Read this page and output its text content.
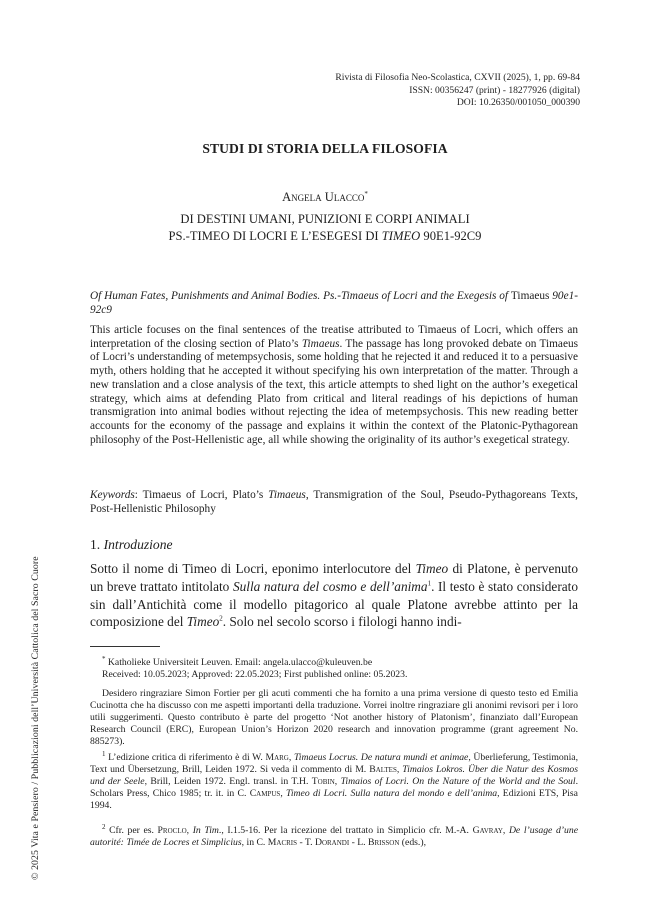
Rivista di Filosofia Neo-Scolastica, CXVII (2025), 1, pp. 69-84
ISSN: 00356247 (print) - 18277926 (digital)
DOI: 10.26350/001050_000390
STUDI DI STORIA DELLA FILOSOFIA
Angela Ulacco*
DI DESTINI UMANI, PUNIZIONI E CORPI ANIMALI
PS.-TIMEO DI LOCRI E L’ESEGESI DI TIMEO 90E1-92C9
Of Human Fates, Punishments and Animal Bodies. Ps.-Timaeus of Locri and the Exegesis of Timaeus 90e1-92c9
This article focuses on the final sentences of the treatise attributed to Timaeus of Locri, which offers an interpretation of the closing section of Plato’s Timaeus. The passage has long provoked debate on Timaeus of Locri’s understanding of metempsychosis, some holding that he rejected it and reduced it to a persuasive myth, others holding that he accepted it without specifying his own interpretation of the matter. Through a new translation and a close analysis of the text, this article attempts to shed light on the author’s exegetical strategy, which aims at defending Plato from critical and literal readings of his depictions of human transmigration into animal bodies without rejecting the idea of metempsychosis. This new reading better accounts for the economy of the passage and explains it within the context of the Platonic-Pythagorean philosophy of the Post-Hellenistic age, all while showing the originality of its author’s exegetical strategy.
Keywords: Timaeus of Locri, Plato’s Timaeus, Transmigration of the Soul, Pseudo-Pythagoreans Texts, Post-Hellenistic Philosophy
1. Introduzione
Sotto il nome di Timeo di Locri, eponimo interlocutore del Timeo di Platone, è pervenuto un breve trattato intitolato Sulla natura del cosmo e dell’anima$^1$. Il testo è stato considerato sin dall’Antichità come il modello pitagorico al quale Platone avrebbe attinto per la composizione del Timeo$^2$. Solo nel secolo scorso i filologi hanno indi-

* Katholieke Universiteit Leuven. Email: angela.ulacco@kuleuven.be

Received: 10.05.2023; Approved: 22.05.2023; First published online: 05.2023.

Desidero ringraziare Simon Fortier per gli acuti commenti che ha fornito a una prima versione di questo testo ed Emilia Cucinotta che ha discusso con me aspetti importanti della traduzione. Vorrei inoltre ringraziare gli anonimi revisori per i loro utili suggerimenti. Questo contributo è parte del progetto ‘Not another history of Platonism’, finanziato dall’European Research Council (ERC), European Union’s Horizon 2020 research and innovation programme (grant agreement No. 885273).

$^1$ L’edizione critica di riferimento è di W. Marg, Timaeus Locrus. De natura mundi et animae, Überlieferung, Testimonia, Text und Übersetzung, Brill, Leiden 1972. Si veda il commento di M. Baltes, Timaios Lokros. Über die Natur des Kosmos und der Seele, Brill, Leiden 1972. Engl. transl. in T.H. Tobin, Timaios of Locri. On the Nature of the World and the Soul. Scholars Press, Chico 1985; tr. it. in C. Campus, Timeo di Locri. Sulla natura del mondo e dell’anima, Edizioni ETS, Pisa 1994.

$^2$ Cfr. per es. Proclo, In Tim., I.1.5-16. Per la ricezione del trattato in Simplicio cfr. M.-A. Gavray, De l’usage d’une autorité: Timée de Locres et Simplicius, in C. Macris - T. Dorandi - L. Brisson (eds.),

© 2025 Vita e Pensiero / Pubblicazioni dell’Università Cattolica del Sacro Cuore
